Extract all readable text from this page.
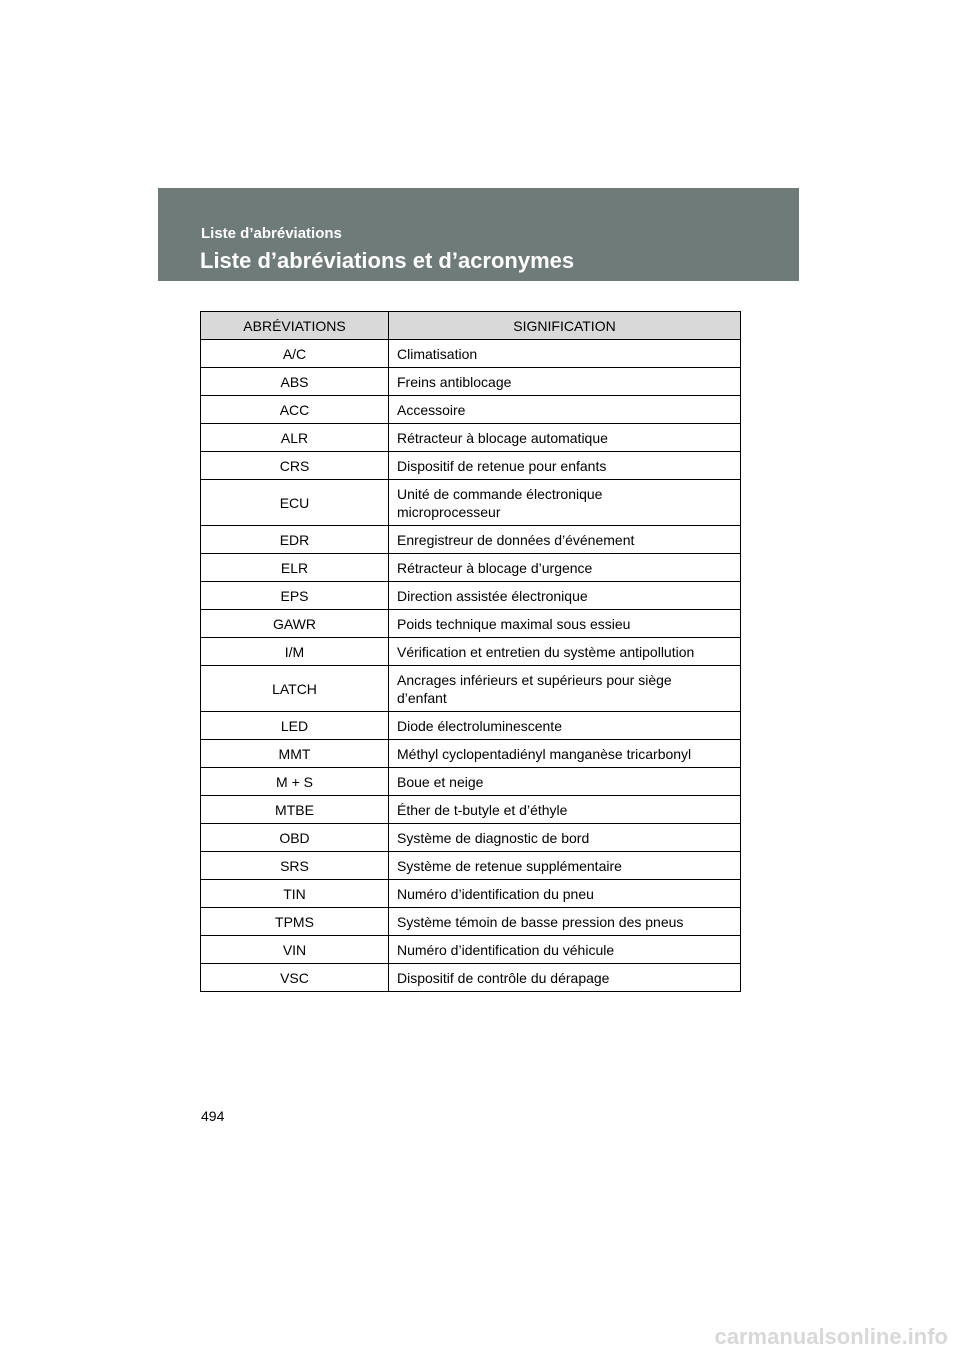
Liste d’abréviations
Liste d’abréviations et d’acronymes
ABRÉVIATIONS	SIGNIFICATION
A/C	Climatisation
ABS	Freins antiblocage
ACC	Accessoire
ALR	Rétracteur à blocage automatique
CRS	Dispositif de retenue pour enfants
ECU	Unité de commande électronique
microprocesseur
EDR	Enregistreur de données d’événement
ELR	Rétracteur à blocage d’urgence
EPS	Direction assistée électronique
GAWR	Poids technique maximal sous essieu
I/M	Vérification et entretien du système antipollution
LATCH	Ancrages inférieurs et supérieurs pour siège
d’enfant
LED	Diode électroluminescente
MMT	Méthyl cyclopentadiényl manganèse tricarbonyl
M + S	Boue et neige
MTBE	Éther de t-butyle et d’éthyle
OBD	Système de diagnostic de bord
SRS	Système de retenue supplémentaire
TIN	Numéro d’identification du pneu
TPMS	Système témoin de basse pression des pneus
VIN	Numéro d’identification du véhicule
VSC	Dispositif de contrôle du dérapage
494
carmanualsonline.info
